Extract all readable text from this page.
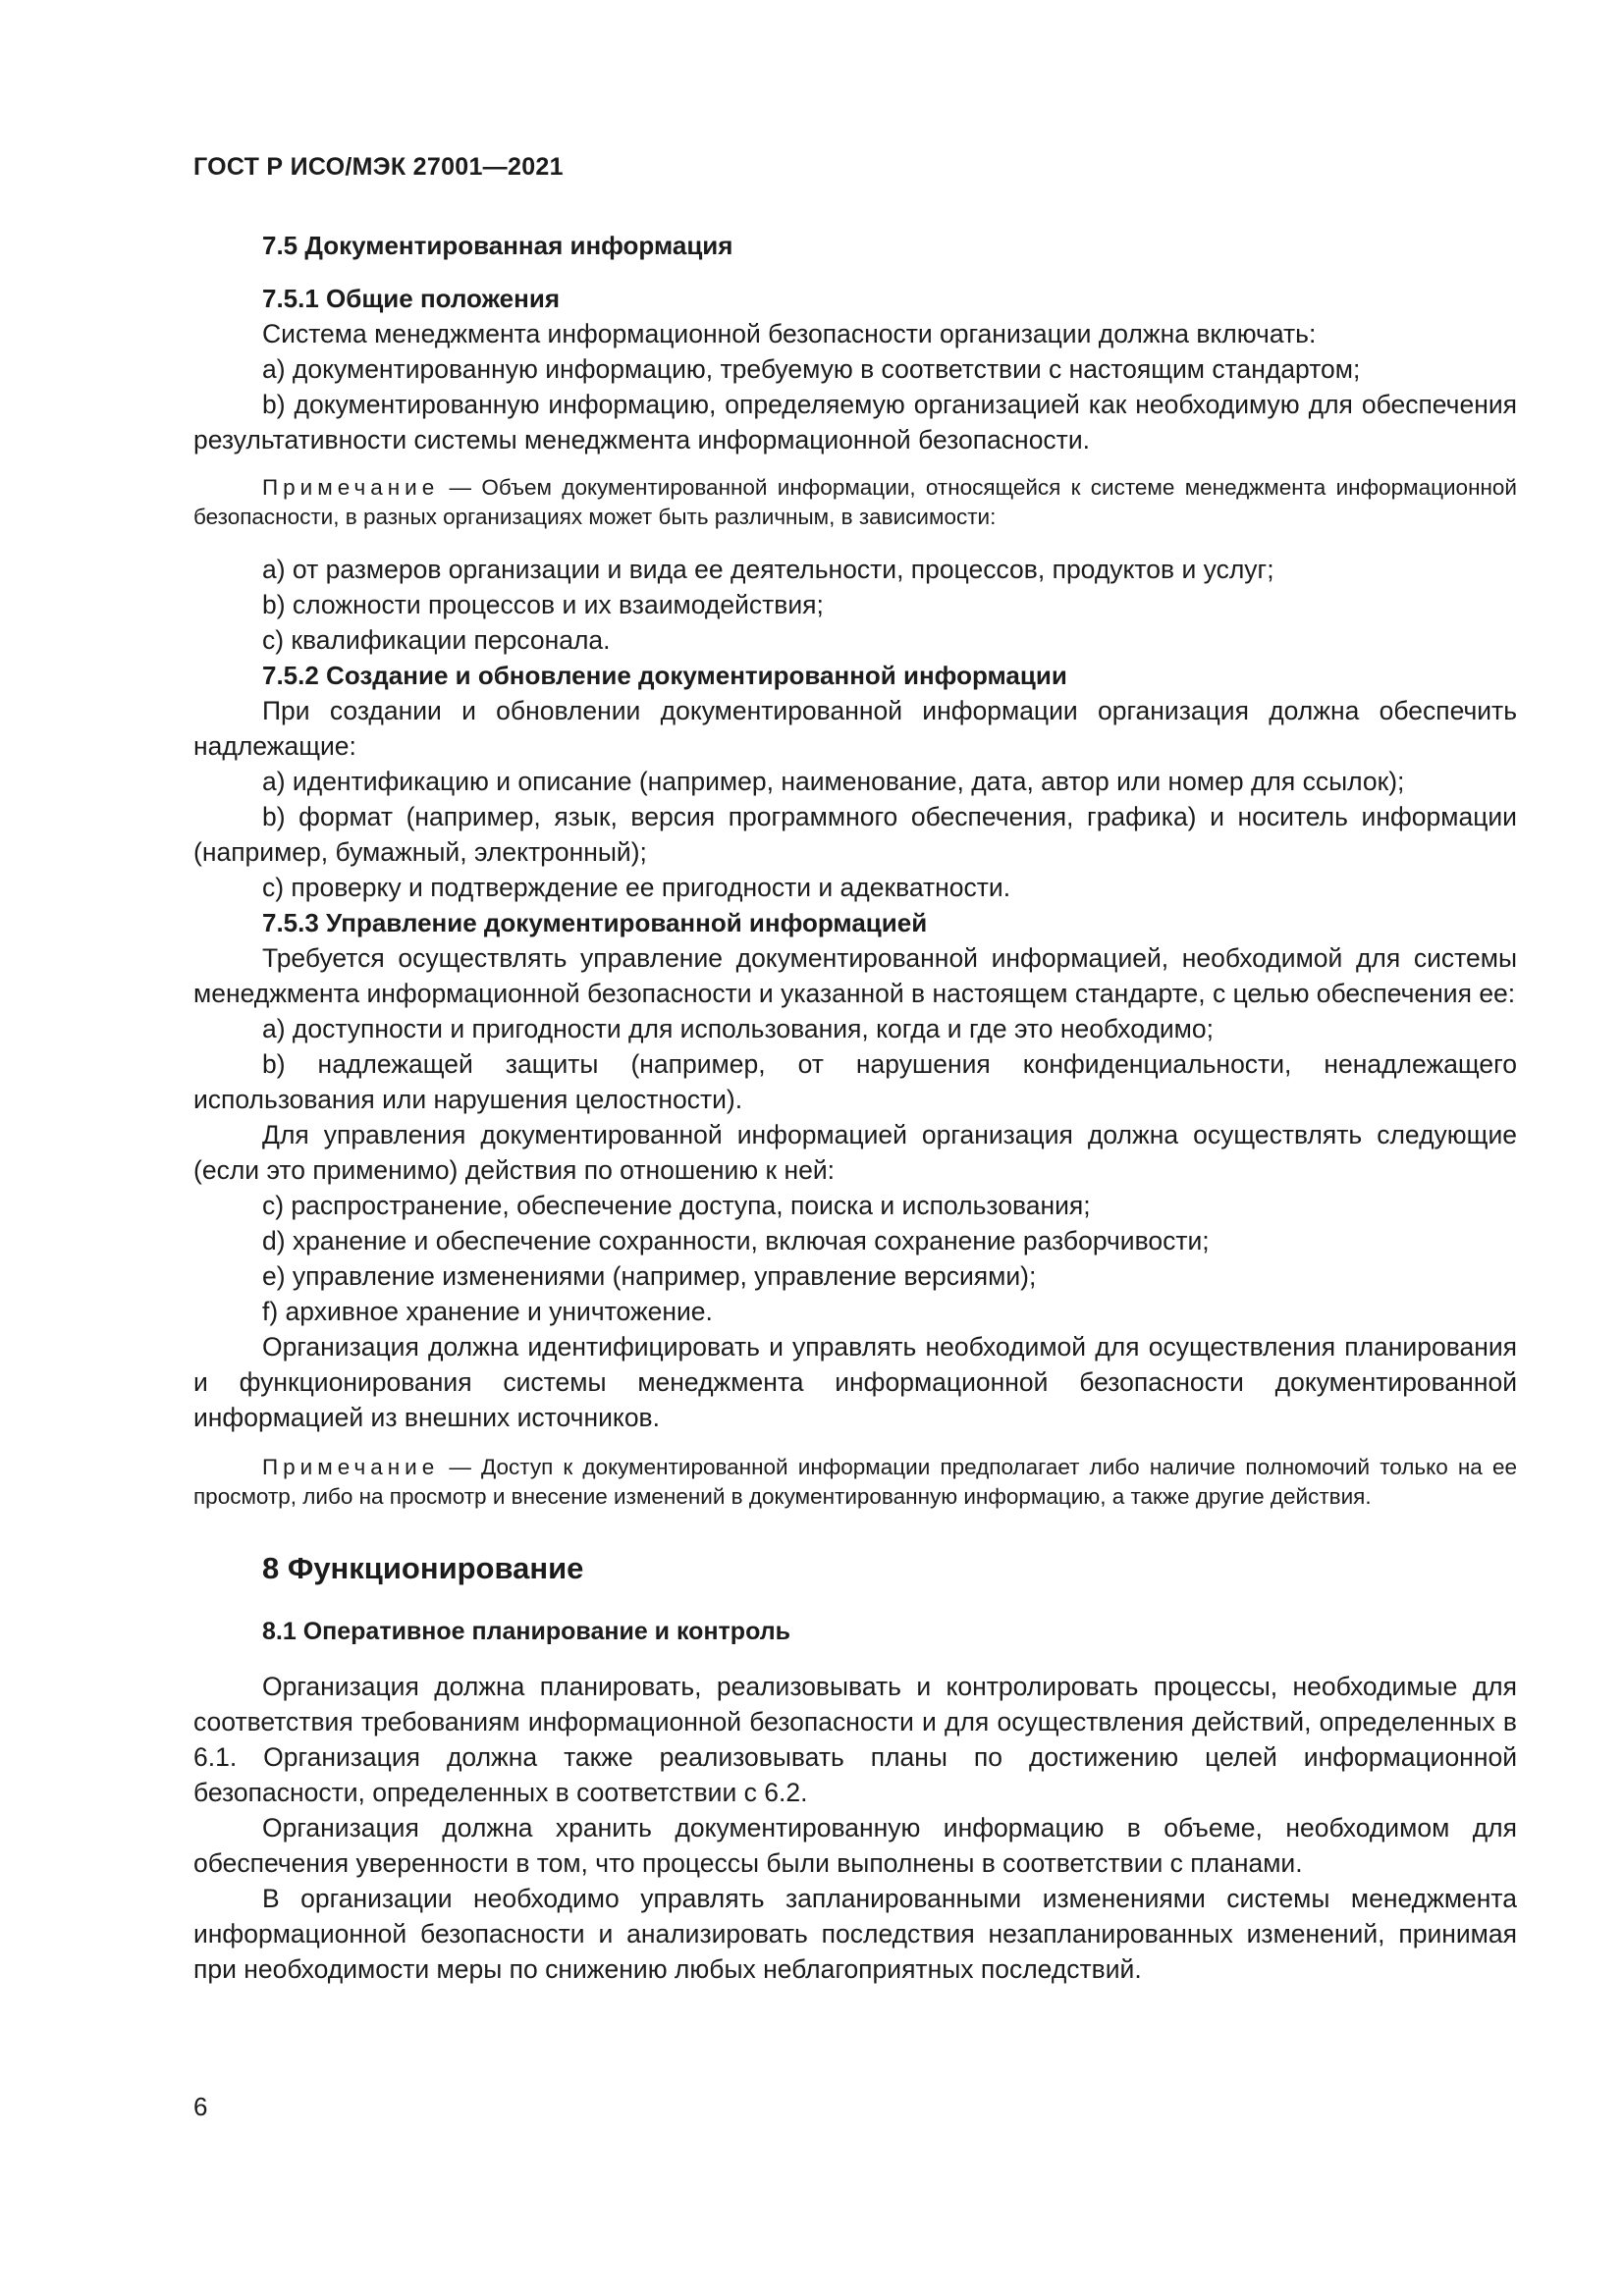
ГОСТ Р ИСО/МЭК 27001—2021

7.5 Документированная информация

7.5.1 Общие положения

Система менеджмента информационной безопасности организации должна включать:

a) документированную информацию, требуемую в соответствии с настоящим стандартом;

b) документированную информацию, определяемую организацией как необходимую для обеспечения результативности системы менеджмента информационной безопасности.

Примечание — Объем документированной информации, относящейся к системе менеджмента информационной безопасности, в разных организациях может быть различным, в зависимости:

a) от размеров организации и вида ее деятельности, процессов, продуктов и услуг;

b) сложности процессов и их взаимодействия;

c) квалификации персонала.

7.5.2 Создание и обновление документированной информации

При создании и обновлении документированной информации организация должна обеспечить надлежащие:

a) идентификацию и описание (например, наименование, дата, автор или номер для ссылок);

b) формат (например, язык, версия программного обеспечения, графика) и носитель информации (например, бумажный, электронный);

c) проверку и подтверждение ее пригодности и адекватности.

7.5.3 Управление документированной информацией

Требуется осуществлять управление документированной информацией, необходимой для системы менеджмента информационной безопасности и указанной в настоящем стандарте, с целью обеспечения ее:

a) доступности и пригодности для использования, когда и где это необходимо;

b) надлежащей защиты (например, от нарушения конфиденциальности, ненадлежащего использования или нарушения целостности).

Для управления документированной информацией организация должна осуществлять следующие (если это применимо) действия по отношению к ней:

c) распространение, обеспечение доступа, поиска и использования;

d) хранение и обеспечение сохранности, включая сохранение разборчивости;

e) управление изменениями (например, управление версиями);

f) архивное хранение и уничтожение.

Организация должна идентифицировать и управлять необходимой для осуществления планирования и функционирования системы менеджмента информационной безопасности документированной информацией из внешних источников.

Примечание — Доступ к документированной информации предполагает либо наличие полномочий только на ее просмотр, либо на просмотр и внесение изменений в документированную информацию, а также другие действия.

8 Функционирование

8.1 Оперативное планирование и контроль

Организация должна планировать, реализовывать и контролировать процессы, необходимые для соответствия требованиям информационной безопасности и для осуществления действий, определенных в 6.1. Организация должна также реализовывать планы по достижению целей информационной безопасности, определенных в соответствии с 6.2.

Организация должна хранить документированную информацию в объеме, необходимом для обеспечения уверенности в том, что процессы были выполнены в соответствии с планами.

В организации необходимо управлять запланированными изменениями системы менеджмента информационной безопасности и анализировать последствия незапланированных изменений, принимая при необходимости меры по снижению любых неблагоприятных последствий.

6
